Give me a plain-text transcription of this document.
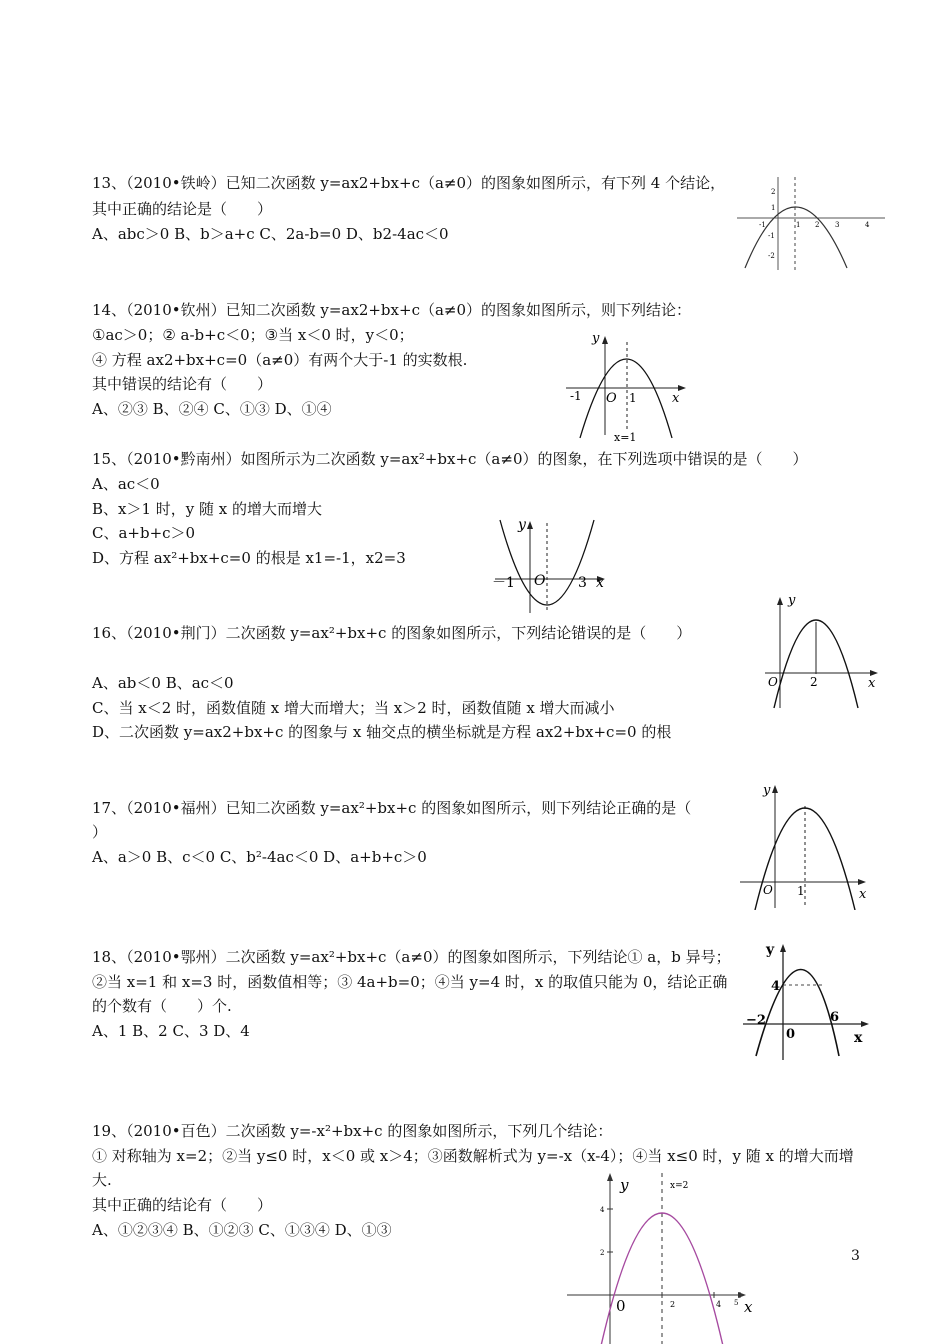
13、（2010•铁岭）已知二次函数 y=ax2+bx+c（a≠0）的图象如图所示，有下列 4 个结论，
其中正确的结论是（　　）
A、abc＞0 B、b＞a+c C、2a-b=0 D、b2-4ac＜0
2
1
-1
-2
1
-1	2 3	4
14、（2010•钦州）已知二次函数 y=ax2+bx+c（a≠0）的图象如图所示，则下列结论：
①ac＞0；② a-b+c＜0；③当 x＜0 时，y＜0；
④ 方程 ax2+bx+c=0（a≠0）有两个大于-1 的实数根.
其中错误的结论有（　　）
A、②③ B、②④ C、①③ D、①④
y
x
O
-1	1
x=1
15、（2010•黔南州）如图所示为二次函数 y=ax²+bx+c（a≠0）的图象，在下列选项中错误的是（　　）
A、ac＜0
B、x＞1 时，y 随 x 的增大而增大
C、a+b+c＞0
D、方程 ax²+bx+c=0 的根是 x1=-1，x2=3
y
x
O
－1	3
16、（2010•荆门）二次函数 y=ax²+bx+c 的图象如图所示，下列结论错误的是（　　）
A、ab＜0 B、ac＜0
C、当 x＜2 时，函数值随 x 增大而增大；当 x＞2 时，函数值随 x 增大而减小
D、二次函数 y=ax2+bx+c 的图象与 x 轴交点的横坐标就是方程 ax2+bx+c=0 的根
y
x
O	2
17、（2010•福州）已知二次函数 y=ax²+bx+c 的图象如图所示，则下列结论正确的是（
）
A、a＞0 B、c＜0 C、b²-4ac＜0 D、a+b+c＞0
y
x
O 1
18、（2010•鄂州）二次函数 y=ax²+bx+c（a≠0）的图象如图所示，下列结论① a，b 异号；
②当 x=1 和 x=3 时，函数值相等；③ 4a+b=0；④当 y=4 时，x 的取值只能为 0，结论正确
的个数有（　　）个.
A、1 B、2 C、3 D、4
y
x
0
−2	6
4
19、（2010•百色）二次函数 y=-x²+bx+c 的图象如图所示，下列几个结论：
① 对称轴为 x=2；②当 y≤0 时，x＜0 或 x＞4；③函数解析式为 y=-x（x-4）；④当 x≤0 时，y 随 x 的增大而增
大.
其中正确的结论有（　　）
A、①②③④ B、①②③ C、①③④ D、①③
y
x
0
x=2
4
2
2	4 5
3
